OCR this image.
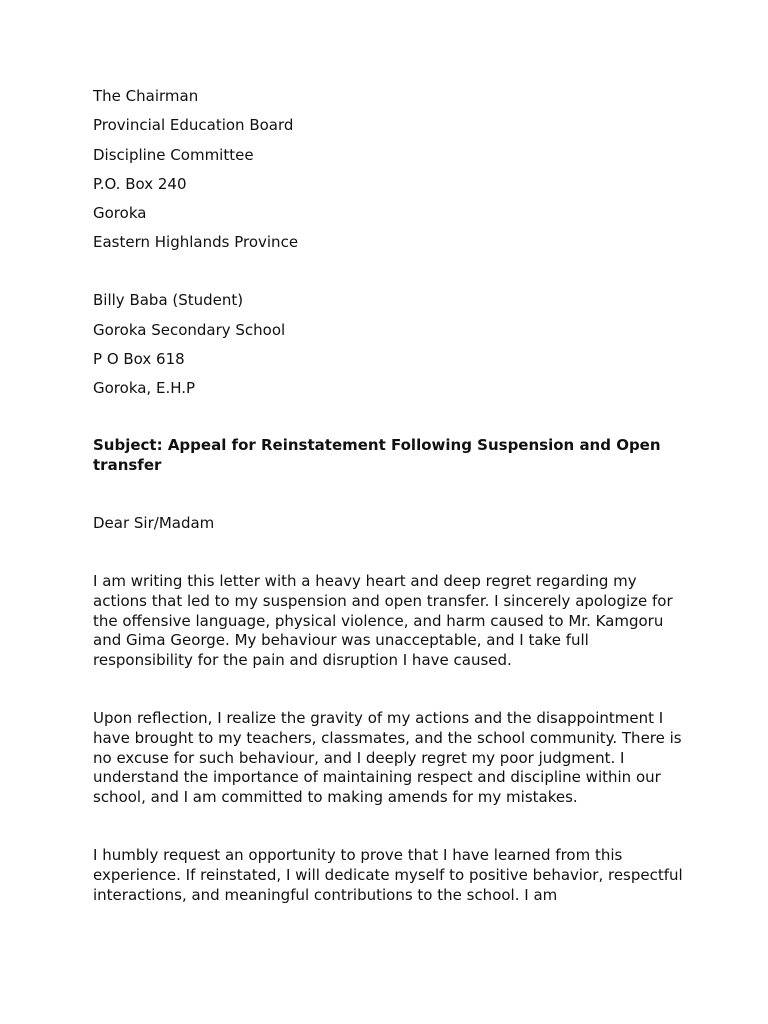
The Chairman
Provincial Education Board
Discipline Committee
P.O. Box 240
Goroka
Eastern Highlands Province
Billy Baba (Student)
Goroka Secondary School
P O Box 618
Goroka, E.H.P
Subject: Appeal for Reinstatement Following Suspension and Open transfer
Dear Sir/Madam
I am writing this letter with a heavy heart and deep regret regarding my actions that led to my suspension and open transfer. I sincerely apologize for the offensive language, physical violence, and harm caused to Mr. Kamgoru and Gima George. My behaviour was unacceptable, and I take full responsibility for the pain and disruption I have caused.
Upon reflection, I realize the gravity of my actions and the disappointment I have brought to my teachers, classmates, and the school community. There is no excuse for such behaviour, and I deeply regret my poor judgment. I understand the importance of maintaining respect and discipline within our school, and I am committed to making amends for my mistakes.
I humbly request an opportunity to prove that I have learned from this experience. If reinstated, I will dedicate myself to positive behavior, respectful interactions, and meaningful contributions to the school. I am
